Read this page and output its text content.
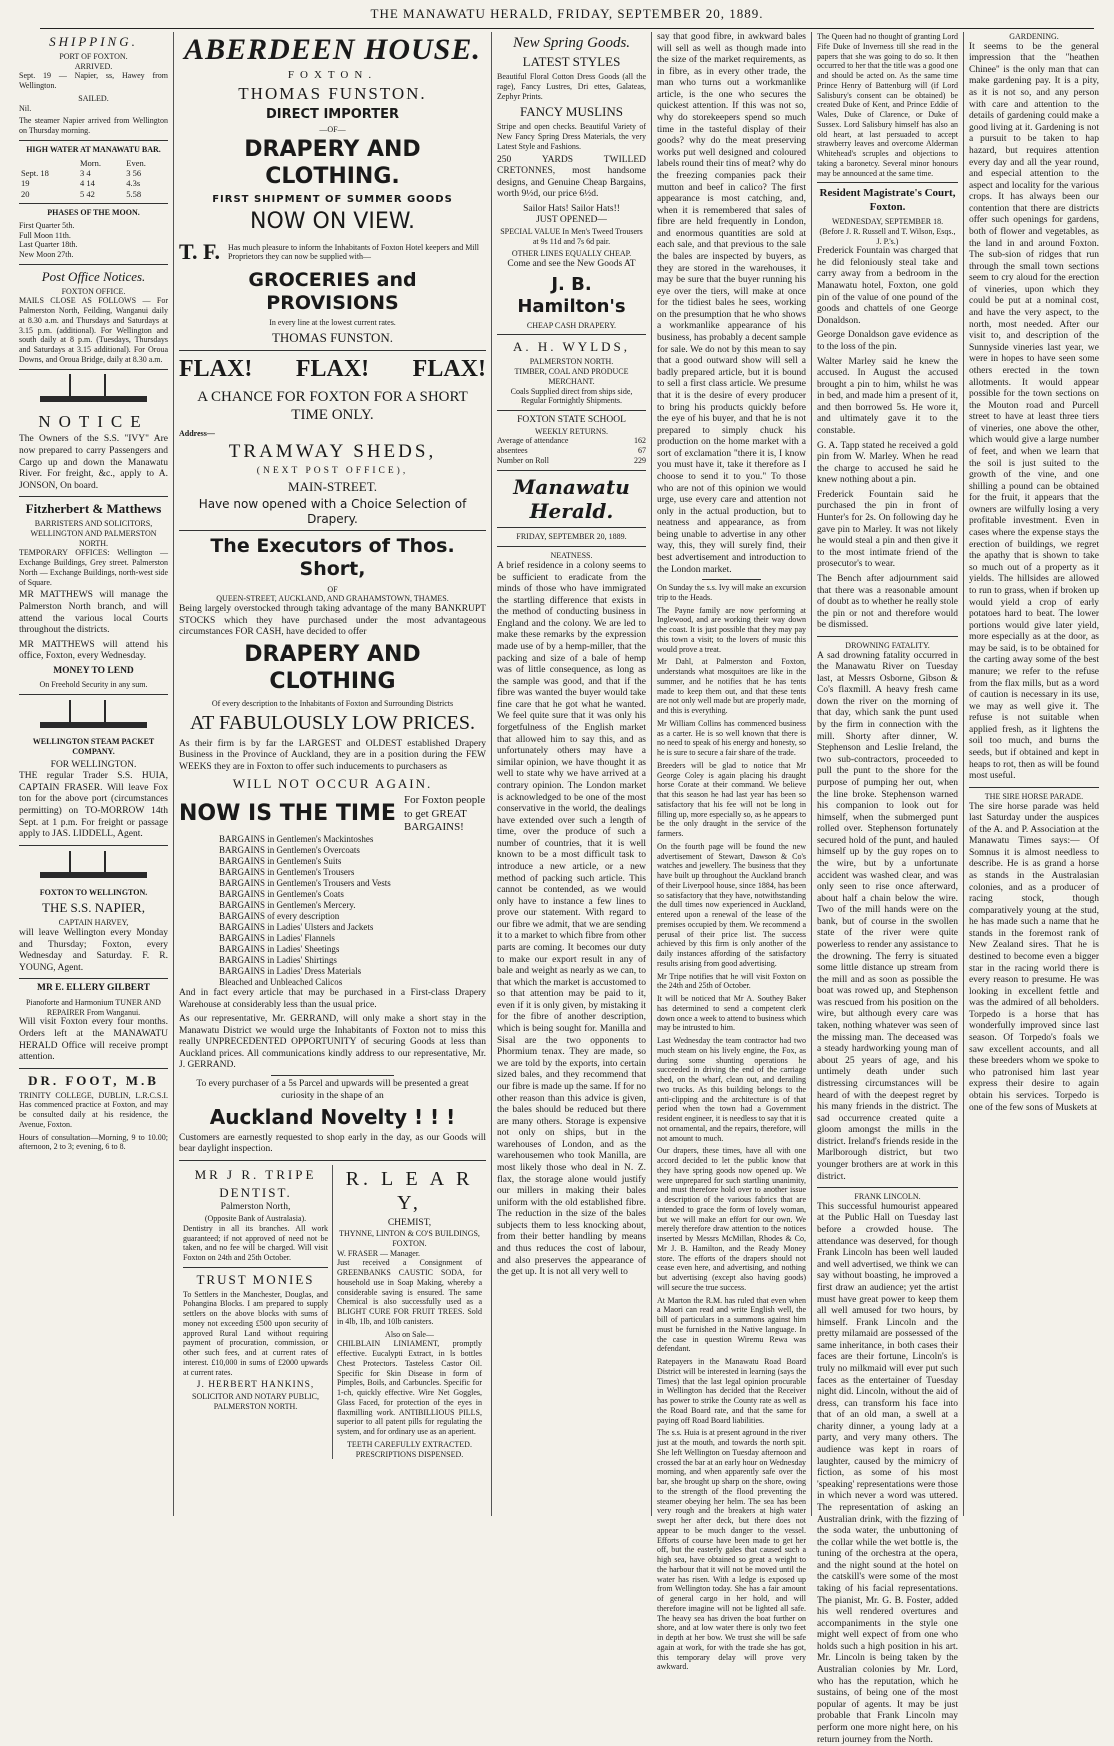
THE MANAWATU HERALD, FRIDAY, SEPTEMBER 20, 1889.
SHIPPING.
PORT OF FOXTON.
ARRIVED.

Sept. 19 — Napier, ss, Hawey from Wellington.

SAILED.

Nil.

The steamer Napier arrived from Wellington on Thursday morning.

HIGH WATER AT MANAWATU BAR.
	Morn.	Even.
Sept. 18	3 4	3 56
19	4 14	4.3s
20	5 42	5.58
PHASES OF THE MOON.
First Quarter 5th.
Full Moon 11th.
Last Quarter 18th.
New Moon 27th.
Post Office Notices.
FOXTON OFFICE.

MAILS CLOSE AS FOLLOWS — For Palmerston North, Feilding, Wanganui daily at 8.30 a.m. and Thursdays and Saturdays at 3.15 p.m. (additional). For Wellington and south daily at 8 p.m. (Tuesdays, Thursdays and Saturdays at 3.15 additional). For Oroua Downs, and Oroua Bridge, daily at 8.30 a.m.

NOTICE

The Owners of the S.S. "IVY" Are now prepared to carry Passengers and Cargo up and down the Manawatu River. For freight, &c., apply to A. JONSON, On board.

Fitzherbert & Matthews
BARRISTERS AND SOLICITORS, WELLINGTON AND PALMERSTON NORTH.

TEMPORARY OFFICES: Wellington — Exchange Buildings, Grey street. Palmerston North — Exchange Buildings, north-west side of Square.

MR MATTHEWS will manage the Palmerston North branch, and will attend the various local Courts throughout the districts.

MR MATTHEWS will attend his office, Foxton, every Wednesday.

MONEY TO LEND
On Freehold Security in any sum.
WELLINGTON STEAM PACKET COMPANY.
FOR WELLINGTON.

THE regular Trader S.S. HUIA, CAPTAIN FRASER. Will leave Fox ton for the above port (circumstances permitting) on TO-MORROW 14th Sept. at 1 p.m. For freight or passage apply to JAS. LIDDELL, Agent.

FOXTON TO WELLINGTON.
THE S.S. NAPIER,
CAPTAIN HARVEY,

will leave Wellington every Monday and Thursday; Foxton, every Wednesday and Saturday. F. R. YOUNG, Agent.

MR E. ELLERY GILBERT
Pianoforte and Harmonium TUNER AND REPAIRER From Wanganui.

Will visit Foxton every four months. Orders left at the MANAWATU HERALD Office will receive prompt attention.

DR. FOOT, M.B

TRINITY COLLEGE, DUBLIN, L.R.C.S.I. Has commenced practice at Foxton, and may be consulted daily at his residence, the Avenue, Foxton.

Hours of consultation—Morning, 9 to 10.00; afternoon, 2 to 3; evening, 6 to 8.

ABERDEEN HOUSE.
FOXTON.
THOMAS FUNSTON.
DIRECT IMPORTER
—OF—
DRAPERY AND CLOTHING.
FIRST SHIPMENT OF SUMMER GOODS
NOW ON VIEW.
T. F. Has much pleasure to inform the Inhabitants of Foxton Hotel keepers and Mill Proprietors they can now be supplied with—
GROCERIES and PROVISIONS
In every line at the lowest current rates.
THOMAS FUNSTON.
FLAX! FLAX! FLAX!
A CHANCE FOR FOXTON FOR A SHORT TIME ONLY.
Address—
TRAMWAY SHEDS,
(NEXT POST OFFICE),
MAIN-STREET.
Have now opened with a Choice Selection of Drapery.
The Executors of Thos. Short,
OF
QUEEN-STREET, AUCKLAND, AND GRAHAMSTOWN, THAMES.

Being largely overstocked through taking advantage of the many BANKRUPT STOCKS which they have purchased under the most advantageous circumstances FOR CASH, have decided to offer

DRAPERY AND CLOTHING
Of every description to the Inhabitants of Foxton and Surrounding Districts
AT FABULOUSLY LOW PRICES.

As their firm is by far the LARGEST and OLDEST established Drapery Business in the Province of Auckland, they are in a position during the FEW WEEKS they are in Foxton to offer such inducements to purchasers as

WILL NOT OCCUR AGAIN.
NOW IS THE TIME
For Foxton people to get GREAT BARGAINS!
BARGAINS in Gentlemen's Mackintoshes
BARGAINS in Gentlemen's Overcoats
BARGAINS in Gentlemen's Suits
BARGAINS in Gentlemen's Trousers
BARGAINS in Gentlemen's Trousers and Vests
BARGAINS in Gentlemen's Coats
BARGAINS in Gentlemen's Mercery.
BARGAINS of every description
BARGAINS in Ladies' Ulsters and Jackets
BARGAINS in Ladies' Flannels
BARGAINS in Ladies' Sheetings
BARGAINS in Ladies' Shirtings
BARGAINS in Ladies' Dress Materials
Bleached and Unbleached Calicos

And in fact every article that may be purchased in a First-class Drapery Warehouse at considerably less than the usual price.

As our representative, Mr. GERRAND, will only make a short stay in the Manawatu District we would urge the Inhabitants of Foxton not to miss this really UNPRECEDENTED OPPORTUNITY of securing Goods at less than Auckland prices. All communications kindly address to our representative, Mr. J. GERRAND.

To every purchaser of a 5s Parcel and upwards will be presented a great curiosity in the shape of an

Auckland Novelty ! ! !

Customers are earnestly requested to shop early in the day, as our Goods will bear daylight inspection.

MR J R. TRIPE
DENTIST.
Palmerston North,
(Opposite Bank of Australasia).

Dentistry in all its branches. All work guaranteed; if not approved of need not be taken, and no fee will be charged. Will visit Foxton on 24th and 25th October.

TRUST MONIES

To Settlers in the Manchester, Douglas, and Pohangina Blocks. I am prepared to supply settlers on the above blocks with sums of money not exceeding £500 upon security of approved Rural Land without requiring payment of procuration, commission, or other such fees, and at current rates of interest. £10,000 in sums of £2000 upwards at current rates.

J. HERBERT HANKINS,
SOLICITOR AND NOTARY PUBLIC, PALMERSTON NORTH.
R. L E A R Y,
CHEMIST,
THYNNE, LINTON & CO'S BUILDINGS, FOXTON.
W. FRASER — Manager.

Just received a Consignment of GREENBANKS CAUSTIC SODA, for household use in Soap Making, whereby a considerable saving is ensured. The same Chemical is also successfully used as a BLIGHT CURE FOR FRUIT TREES. Sold in 4lb, 1lb, and 10lb canisters.

Also on Sale—

CHILBLAIN LINIAMENT, promptly effective. Eucalypti Extract, in ls bottles Chest Protectors. Tasteless Castor Oil. Specific for Skin Disease in form of Pimples, Boils, and Carbuncles. Specific for 1-ch, quickly effective. Wire Net Goggles, Glass Faced, for protection of the eyes in flaxmilling work. ANTIBILLIOUS PILLS, superior to all patent pills for regulating the system, and for ordinary use as an aperient.

TEETH CAREFULLY EXTRACTED. PRESCRIPTIONS DISPENSED.
New Spring Goods.
LATEST STYLES

Beautiful Floral Cotton Dress Goods (all the rage), Fancy Lustres, Dri ettes, Galateas, Zephyr Prints.

FANCY MUSLINS

Stripe and open checks. Beautiful Variety of New Fancy Spring Dress Materials, the very Latest Style and Fashions.

250 YARDS TWILLED CRETONNES, most handsome designs, and Genuine Cheap Bargains, worth 9½d, our price 6½d.

Sailor Hats! Sailor Hats!!
JUST OPENED—

SPECIAL VALUE In Men's Tweed Trousers at 9s 11d and 7s 6d pair.

OTHER LINES EQUALLY CHEAP.
Come and see the New Goods AT
J. B. Hamilton's
CHEAP CASH DRAPERY.
A. H. WYLDS,
PALMERSTON NORTH.
TIMBER, COAL AND PRODUCE MERCHANT.
Coals Supplied direct from ships side,
Regular Fortnightly Shipments.
FOXTON STATE SCHOOL
WEEKLY RETURNS.
Average of attendance	162
absentees	67
Number on Roll	229
Manawatu Herald.
FRIDAY, SEPTEMBER 20, 1889.
NEATNESS.

A brief residence in a colony seems to be sufficient to eradicate from the minds of those who have immigrated the startling difference that exists in the method of conducting business in England and the colony. We are led to make these remarks by the expression made use of by a hemp-miller, that the packing and size of a bale of hemp was of little consequence, as long as the sample was good, and that if the fibre was wanted the buyer would take fine care that he got what he wanted. We feel quite sure that it was only his forgetfulness of the English market that allowed him to say this, and as unfortunately others may have a similar opinion, we have thought it as well to state why we have arrived at a contrary opinion. The London market is acknowledged to be one of the most conservative in the world, the dealings have extended over such a length of time, over the produce of such a number of countries, that it is well known to be a most difficult task to introduce a new article, or a new method of packing such article. This cannot be contended, as we would only have to instance a few lines to prove our statement. With regard to our fibre we admit, that we are sending it to a market to which fibre from other parts are coming. It becomes our duty to make our export result in any of bale and weight as nearly as we can, to that which the market is accustomed to so that attention may be paid to it, even if it is only given, by mistaking it for the fibre of another description, which is being sought for. Manilla and Sisal are the two opponents to Phormium tenax. They are made, so we are told by the exports, into certain sized bales, and they recommend that our fibre is made up the same. If for no other reason than this advice is given, the bales should be reduced but there are many others. Storage is expensive not only on ships, but in the warehouses of London, and as the warehousemen who took Manilla, are most likely those who deal in N. Z. flax, the storage alone would justify our millers in making their bales uniform with the old established fibre. The reduction in the size of the bales subjects them to less knocking about, from their better handling by means and thus reduces the cost of labour, and also preserves the appearance of the get up. It is not all very well to

say that good fibre, in awkward bales will sell as well as though made into the size of the market requirements, as in fibre, as in every other trade, the man who turns out a workmanlike article, is the one who secures the quickest attention. If this was not so, why do storekeepers spend so much time in the tasteful display of their goods? why do the meat preserving works put well designed and coloured labels round their tins of meat? why do the freezing companies pack their mutton and beef in calico? The first appearance is most catching, and, when it is remembered that sales of fibre are held frequently in London, and enormous quantities are sold at each sale, and that previous to the sale the bales are inspected by buyers, as they are stored in the warehouses, it may be sure that the buyer running his eye over the tiers, will make at once for the tidiest bales he sees, working on the presumption that he who shows a workmanlike appearance of his business, has probably a decent sample for sale. We do not by this mean to say that a good outward show will sell a badly prepared article, but it is bound to sell a first class article. We presume that it is the desire of every producer to bring his products quickly before the eye of his buyer, and that he is not prepared to simply chuck his production on the home market with a sort of exclamation "there it is, I know you must have it, take it therefore as I choose to send it to you." To those who are not of this opinion we would urge, use every care and attention not only in the actual production, but to neatness and appearance, as from being unable to advertise in any other way, this, they will surely find, their best advertisement and introduction to the London market.

On Sunday the s.s. Ivy will make an excursion trip to the Heads.

The Payne family are now performing at Inglewood, and are working their way down the coast. It is just possible that they may pay this town a visit; to the lovers of music this would prove a treat.

Mr Dahl, at Palmerston and Foxton, understands what mosquitoes are like in the summer, and he notifies that he has tents made to keep them out, and that these tents are not only well made but are properly made, and this is everything.

Mr William Collins has commenced business as a carter. He is so well known that there is no need to speak of his energy and honesty, so he is sure to secure a fair share of the trade.

Breeders will be glad to notice that Mr George Coley is again placing his draught horse Corate at their command. We believe that this season he had last year has been so satisfactory that his fee will not be long in filling up, more especially so, as he appears to be the only draught in the service of the farmers.

On the fourth page will be found the new advertisement of Stewart, Dawson & Co's watches and jewellery. The business that they have built up throughout the Auckland branch of their Liverpool house, since 1884, has been so satisfactory that they have, notwithstanding the dull times now experienced in Auckland, entered upon a renewal of the lease of the premises occupied by them. We recommend a perusal of their price list. The success achieved by this firm is only another of the daily instances affording of the satisfactory results arising from good advertising.

Mr Tripe notifies that he will visit Foxton on the 24th and 25th of October.

It will be noticed that Mr A. Southey Baker has determined to send a competent clerk down once a week to attend to business which may be intrusted to him.

Last Wednesday the team contractor had two much steam on his lively engine, the Fox, as during some shunting operations he succeeded in driving the end of the carriage shed, on the wharf, clean out, and derailing two trucks. As this building belongs to the anti-clipping and the architecture is of that period when the town had a Government resident engineer, it is needless to say that it is not ornamental, and the repairs, therefore, will not amount to much.

Our drapers, these times, have all with one accord decided to let the public know that they have spring goods now opened up. We were unprepared for such startling unanimity, and must therefore hold over to another issue a description of the various fabrics that are intended to grace the form of lovely woman, but we will make an effort for our own. We merely therefore draw attention to the notices inserted by Messrs McMillan, Rhodes & Co, Mr J. B. Hamilton, and the Ready Money store. The efforts of the drapers should not cease even here, and advertising, and nothing but advertising (except also having goods) will secure the true success.

At Marton the R.M. has ruled that even when a Maori can read and write English well, the bill of particulars in a summons against him must be furnished in the Native language. In the case in question Wiremu Rewa was defendant.

Ratepayers in the Manawatu Road Board District will be interested in learning (says the Times) that the last legal opinion procurable in Wellington has decided that the Receiver has power to strike the County rate as well as the Road Board rate, and that the same for paying off Road Board liabilities.

The s.s. Huia is at present aground in the river just at the mouth, and towards the north spit. She left Wellington on Tuesday afternoon and crossed the bar at an early hour on Wednesday morning, and when apparently safe over the bar, she brought up sharp on the shore, owing to the strength of the flood preventing the steamer obeying her helm. The sea has been very rough and the breakers at high water swept her after deck, but there does not appear to be much danger to the vessel. Efforts of course have been made to get her off, but the easterly gales that caused such a high sea, have obtained so great a weight to the harbour that it will not be moved until the water has risen. With a ledge is exposed up from Wellington today. She has a fair amount of general cargo in her hold, and will therefore imagine will not be lighted all safe. The heavy sea has driven the boat further on shore, and at low water there is only two feet in depth at her bow. We trust she will be safe again at work, for with the trade she has got, this temporary delay will prove very awkward.

The Queen had no thought of granting Lord Fife Duke of Inverness till she read in the papers that she was going to do so. It then occurred to her that the title was a good one and should be acted on. As the same time Prince Henry of Battenburg will (if Lord Salisbury's consent can be obtained) be created Duke of Kent, and Prince Eddie of Wales, Duke of Clarence, or Duke of Sussex. Lord Salisbury himself has also an old heart, at last persuaded to accept strawberry leaves and overcome Alderman Whitehead's scruples and objections to taking a baronetcy. Several minor honours may be announced at the same time.

Resident Magistrate's Court, Foxton.
WEDNESDAY, SEPTEMBER 18.
(Before J. R. Russell and T. Wilson, Esqs., J. P.'s.)

Frederick Fountain was charged that he did feloniously steal take and carry away from a bedroom in the Manawatu hotel, Foxton, one gold pin of the value of one pound of the goods and chattels of one George Donaldson.

George Donaldson gave evidence as to the loss of the pin.

Walter Marley said he knew the accused. In August the accused brought a pin to him, whilst he was in bed, and made him a present of it, and then borrowed 5s. He wore it, and ultimately gave it to the constable.

G. A. Tapp stated he received a gold pin from W. Marley. When he read the charge to accused he said he knew nothing about a pin.

Frederick Fountain said he purchased the pin in front of Hunter's for 2s. On following day he gave pin to Marley. It was not likely he would steal a pin and then give it to the most intimate friend of the prosecutor's to wear.

The Bench after adjournment said that there was a reasonable amount of doubt as to whether he really stole the pin or not and therefore would be dismissed.

DROWNING FATALITY.

A sad drowning fatality occurred in the Manawatu River on Tuesday last, at Messrs Osborne, Gibson & Co's flaxmill. A heavy fresh came down the river on the morning of that day, which sank the punt used by the firm in connection with the mill. Shorty after dinner, W. Stephenson and Leslie Ireland, the two sub-contractors, proceeded to pull the punt to the shore for the purpose of pumping her out, when the line broke. Stephenson warned his companion to look out for himself, when the submerged punt rolled over. Stephenson fortunately secured hold of the punt, and hauled himself up by the guy ropes on to the wire, but by a unfortunate accident was washed clear, and was only seen to rise once afterward, about half a chain below the wire. Two of the mill hands were on the bank, but of course in the swollen state of the river were quite powerless to render any assistance to the drowning. The ferry is situated some little distance up stream from the mill and as soon as possible the boat was rowed up, and Stephenson was rescued from his position on the wire, but although every care was taken, nothing whatever was seen of the missing man. The deceased was a steady hardworking young man of about 25 years of age, and his untimely death under such distressing circumstances will be heard of with the deepest regret by his many friends in the district. The sad occurrence created quite a gloom amongst the mills in the district. Ireland's friends reside in the Marlborough district, but two younger brothers are at work in this district.

FRANK LINCOLN.

This successful humourist appeared at the Public Hall on Tuesday last before a crowded house. The attendance was deserved, for though Frank Lincoln has been well lauded and well advertised, we think we can say without boasting, he improved a first draw an audience; yet the artist must have great power to keep them all well amused for two hours, by himself. Frank Lincoln and the pretty milamaid are possessed of the same inheritance, in both cases their faces are their fortune, Lincoln's is truly no milkmaid will ever put such faces as the entertainer of Tuesday night did. Lincoln, without the aid of dress, can transform his face into that of an old man, a swell at a charity dinner, a young lady at a party, and very many others. The audience was kept in roars of laughter, caused by the mimicry of fiction, as some of his most 'speaking' representations were those in which never a word was uttered. The representation of asking an Australian drink, with the fizzing of the soda water, the unbuttoning of the collar while the wet bottle is, the tuning of the orchestra at the opera, and the night sound at the hotel on the catskill's were some of the most taking of his facial representations. The pianist, Mr. G. B. Foster, added his well rendered overtures and accompaniments in the style one might well expect of from one who holds such a high position in his art. Mr. Lincoln is being taken by the Australian colonies by Mr. Lord, who has the reputation, which he sustains, of being one of the most popular of agents. It may be just probable that Frank Lincoln may perform one more night here, on his return journey from the North.

GARDENING.

It seems to be the general impression that the "heathen Chinee" is the only man that can make gardening pay. It is a pity, as it is not so, and any person with care and attention to the details of gardening could make a good living at it. Gardening is not a pursuit to be taken to hap hazard, but requires attention every day and all the year round, and especial attention to the aspect and locality for the various crops. It has always been our contention that there are districts offer such openings for gardens, both of flower and vegetables, as the land in and around Foxton. The sub-sion of ridges that run through the small town sections seem to cry aloud for the erection of vineries, upon which they could be put at a nominal cost, and have the very aspect, to the north, most needed. After our visit to, and description of the Sunnyside vineries last year, we were in hopes to have seen some others erected in the town allotments. It would appear possible for the town sections on the Mouton road and Purcell street to have at least three tiers of vineries, one above the other, which would give a large number of feet, and when we learn that the soil is just suited to the growth of the vine, and one shilling a pound can be obtained for the fruit, it appears that the owners are wilfully losing a very profitable investment. Even in cases where the expense stays the erection of buildings, we regret the apathy that is shown to take so much out of a property as it yields. The hillsides are allowed to run to grass, when if broken up would yield a crop of early potatoes hard to beat. The lower portions would give later yield, more especially as at the door, as may be said, is to be obtained for the carting away some of the best manure; we refer to the refuse from the flax mills, but as a word of caution is necessary in its use, we may as well give it. The refuse is not suitable when applied fresh, as it lightens the soil too much, and burns the seeds, but if obtained and kept in heaps to rot, then as will be found most useful.

THE SIRE HORSE PARADE.

The sire horse parade was held last Saturday under the auspices of the A. and P. Association at the Manawatu Times says:— Of Somnus it is almost needless to describe. He is as grand a horse as stands in the Australasian colonies, and as a producer of racing stock, though comparatively young at the stud, he has made such a name that he stands in the foremost rank of New Zealand sires. That he is destined to become even a bigger star in the racing world there is every reason to presume. He was looking in excellent fettle and was the admired of all beholders. Torpedo is a horse that has wonderfully improved since last season. Of Torpedo's foals we saw excellent accounts, and all these breeders whom we spoke to who patronised him last year express their desire to again obtain his services. Torpedo is one of the few sons of Muskets at
